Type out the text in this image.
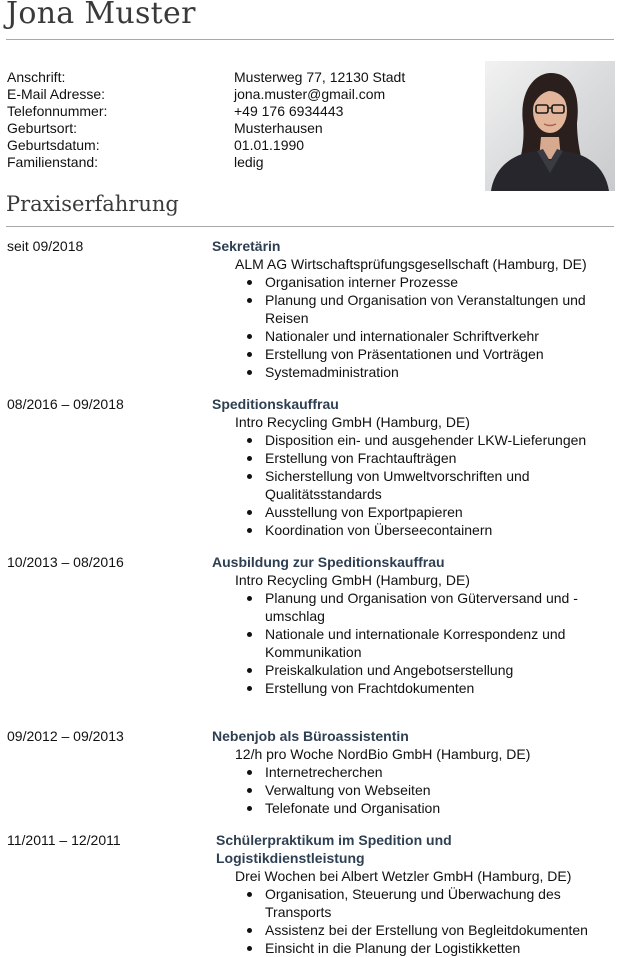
Jona Muster
Anschrift:	Musterweg 77, 12130 Stadt
E-Mail Adresse:	jona.muster@gmail.com
Telefonnummer:	+49 176 6934443
Geburtsort:	Musterhausen
Geburtsdatum:	01.01.1990
Familienstand:	ledig
Praxiserfahrung
seit 09/2018	Sekretärin
ALM AG Wirtschaftsprüfungsgesellschaft (Hamburg, DE)
Organisation interner Prozesse
Planung und Organisation von Veranstaltungen und Reisen
Nationaler und internationaler Schriftverkehr
Erstellung von Präsentationen und Vorträgen
Systemadministration
08/2016 – 09/2018	Speditionskauffrau
Intro Recycling GmbH (Hamburg, DE)
Disposition ein- und ausgehender LKW-Lieferungen
Erstellung von Frachtaufträgen
Sicherstellung von Umweltvorschriften und Qualitätsstandards
Ausstellung von Exportpapieren
Koordination von Überseecontainern
10/2013 – 08/2016	Ausbildung zur Speditionskauffrau
Intro Recycling GmbH (Hamburg, DE)
Planung und Organisation von Güterversand und -umschlag
Nationale und internationale Korrespondenz und Kommunikation
Preiskalkulation und Angebotserstellung
Erstellung von Frachtdokumenten
09/2012 – 09/2013	Nebenjob als Büroassistentin
12/h pro Woche NordBio GmbH (Hamburg, DE)
Internetrecherchen
Verwaltung von Webseiten
Telefonate und Organisation
11/2011 – 12/2011	Schülerpraktikum im Spedition und Logistikdienstleistung
Drei Wochen bei Albert Wetzler GmbH (Hamburg, DE)
Organisation, Steuerung und Überwachung des Transports
Assistenz bei der Erstellung von Begleitdokumenten
Einsicht in die Planung der Logistikketten
